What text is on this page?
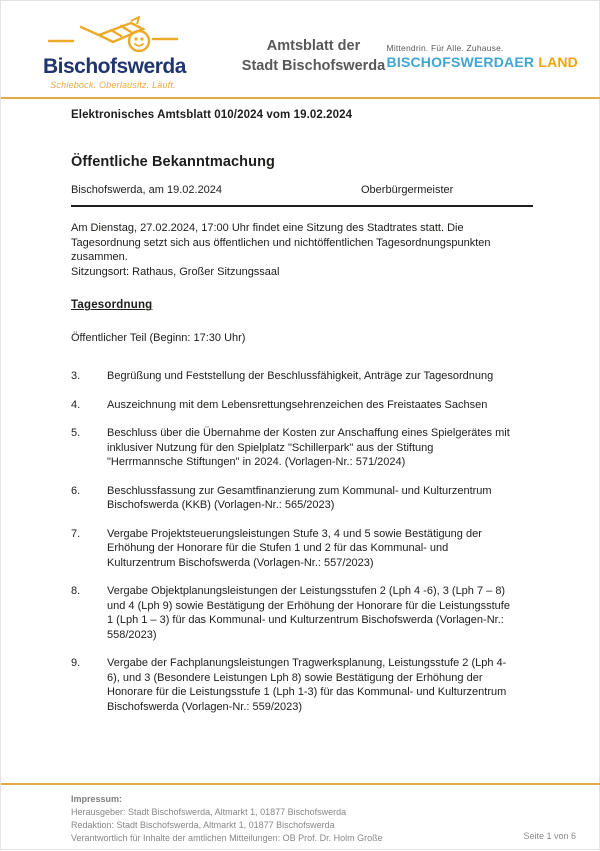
Bischofswerda
Schiebock. Oberlausitz. Läuft.
Amtsblatt der
Stadt Bischofswerda
Mittendrin. Für Alle. Zuhause.
BISCHOFSWERDAER LAND
Elektronisches Amtsblatt 010/2024 vom 19.02.2024
Öffentliche Bekanntmachung
Bischofswerda, am 19.02.2024	Oberbürgermeister
Am Dienstag, 27.02.2024, 17:00 Uhr findet eine Sitzung des Stadtrates statt. Die Tagesordnung setzt sich aus öffentlichen und nichtöffentlichen Tagesordnungspunkten zusammen.
Sitzungsort: Rathaus, Großer Sitzungssaal
Tagesordnung
Öffentlicher Teil (Beginn: 17:30 Uhr)
3.	Begrüßung und Feststellung der Beschlussfähigkeit, Anträge zur Tagesordnung
4.	Auszeichnung mit dem Lebensrettungsehrenzeichen des Freistaates Sachsen
5.	Beschluss über die Übernahme der Kosten zur Anschaffung eines Spielgerätes mit inklusiver Nutzung für den Spielplatz "Schillerpark" aus der Stiftung "Herrmannsche Stiftungen" in 2024. (Vorlagen-Nr.: 571/2024)
6.	Beschlussfassung zur Gesamtfinanzierung zum Kommunal- und Kulturzentrum Bischofswerda (KKB) (Vorlagen-Nr.: 565/2023)
7.	Vergabe Projektsteuerungsleistungen Stufe 3, 4 und 5 sowie Bestätigung der Erhöhung der Honorare für die Stufen 1 und 2 für das Kommunal- und Kulturzentrum Bischofswerda (Vorlagen-Nr.: 557/2023)
8.	Vergabe Objektplanungsleistungen der Leistungsstufen 2 (Lph 4 -6), 3 (Lph 7 – 8) und 4 (Lph 9) sowie Bestätigung der Erhöhung der Honorare für die Leistungsstufe 1 (Lph 1 – 3) für das Kommunal- und Kulturzentrum Bischofswerda (Vorlagen-Nr.: 558/2023)
9.	Vergabe der Fachplanungsleistungen Tragwerksplanung, Leistungsstufe 2 (Lph 4-6), und 3 (Besondere Leistungen Lph 8) sowie Bestätigung der Erhöhung der Honorare für die Leistungsstufe 1 (Lph 1-3) für das Kommunal- und Kulturzentrum Bischofswerda (Vorlagen-Nr.: 559/2023)
Impressum:
Herausgeber: Stadt Bischofswerda, Altmarkt 1, 01877 Bischofswerda
Redaktion: Stadt Bischofswerda, Altmarkt 1, 01877 Bischofswerda
Verantwortlich für Inhalte der amtlichen Mitteilungen: OB Prof. Dr. Holm Große	Seite 1 von 6
